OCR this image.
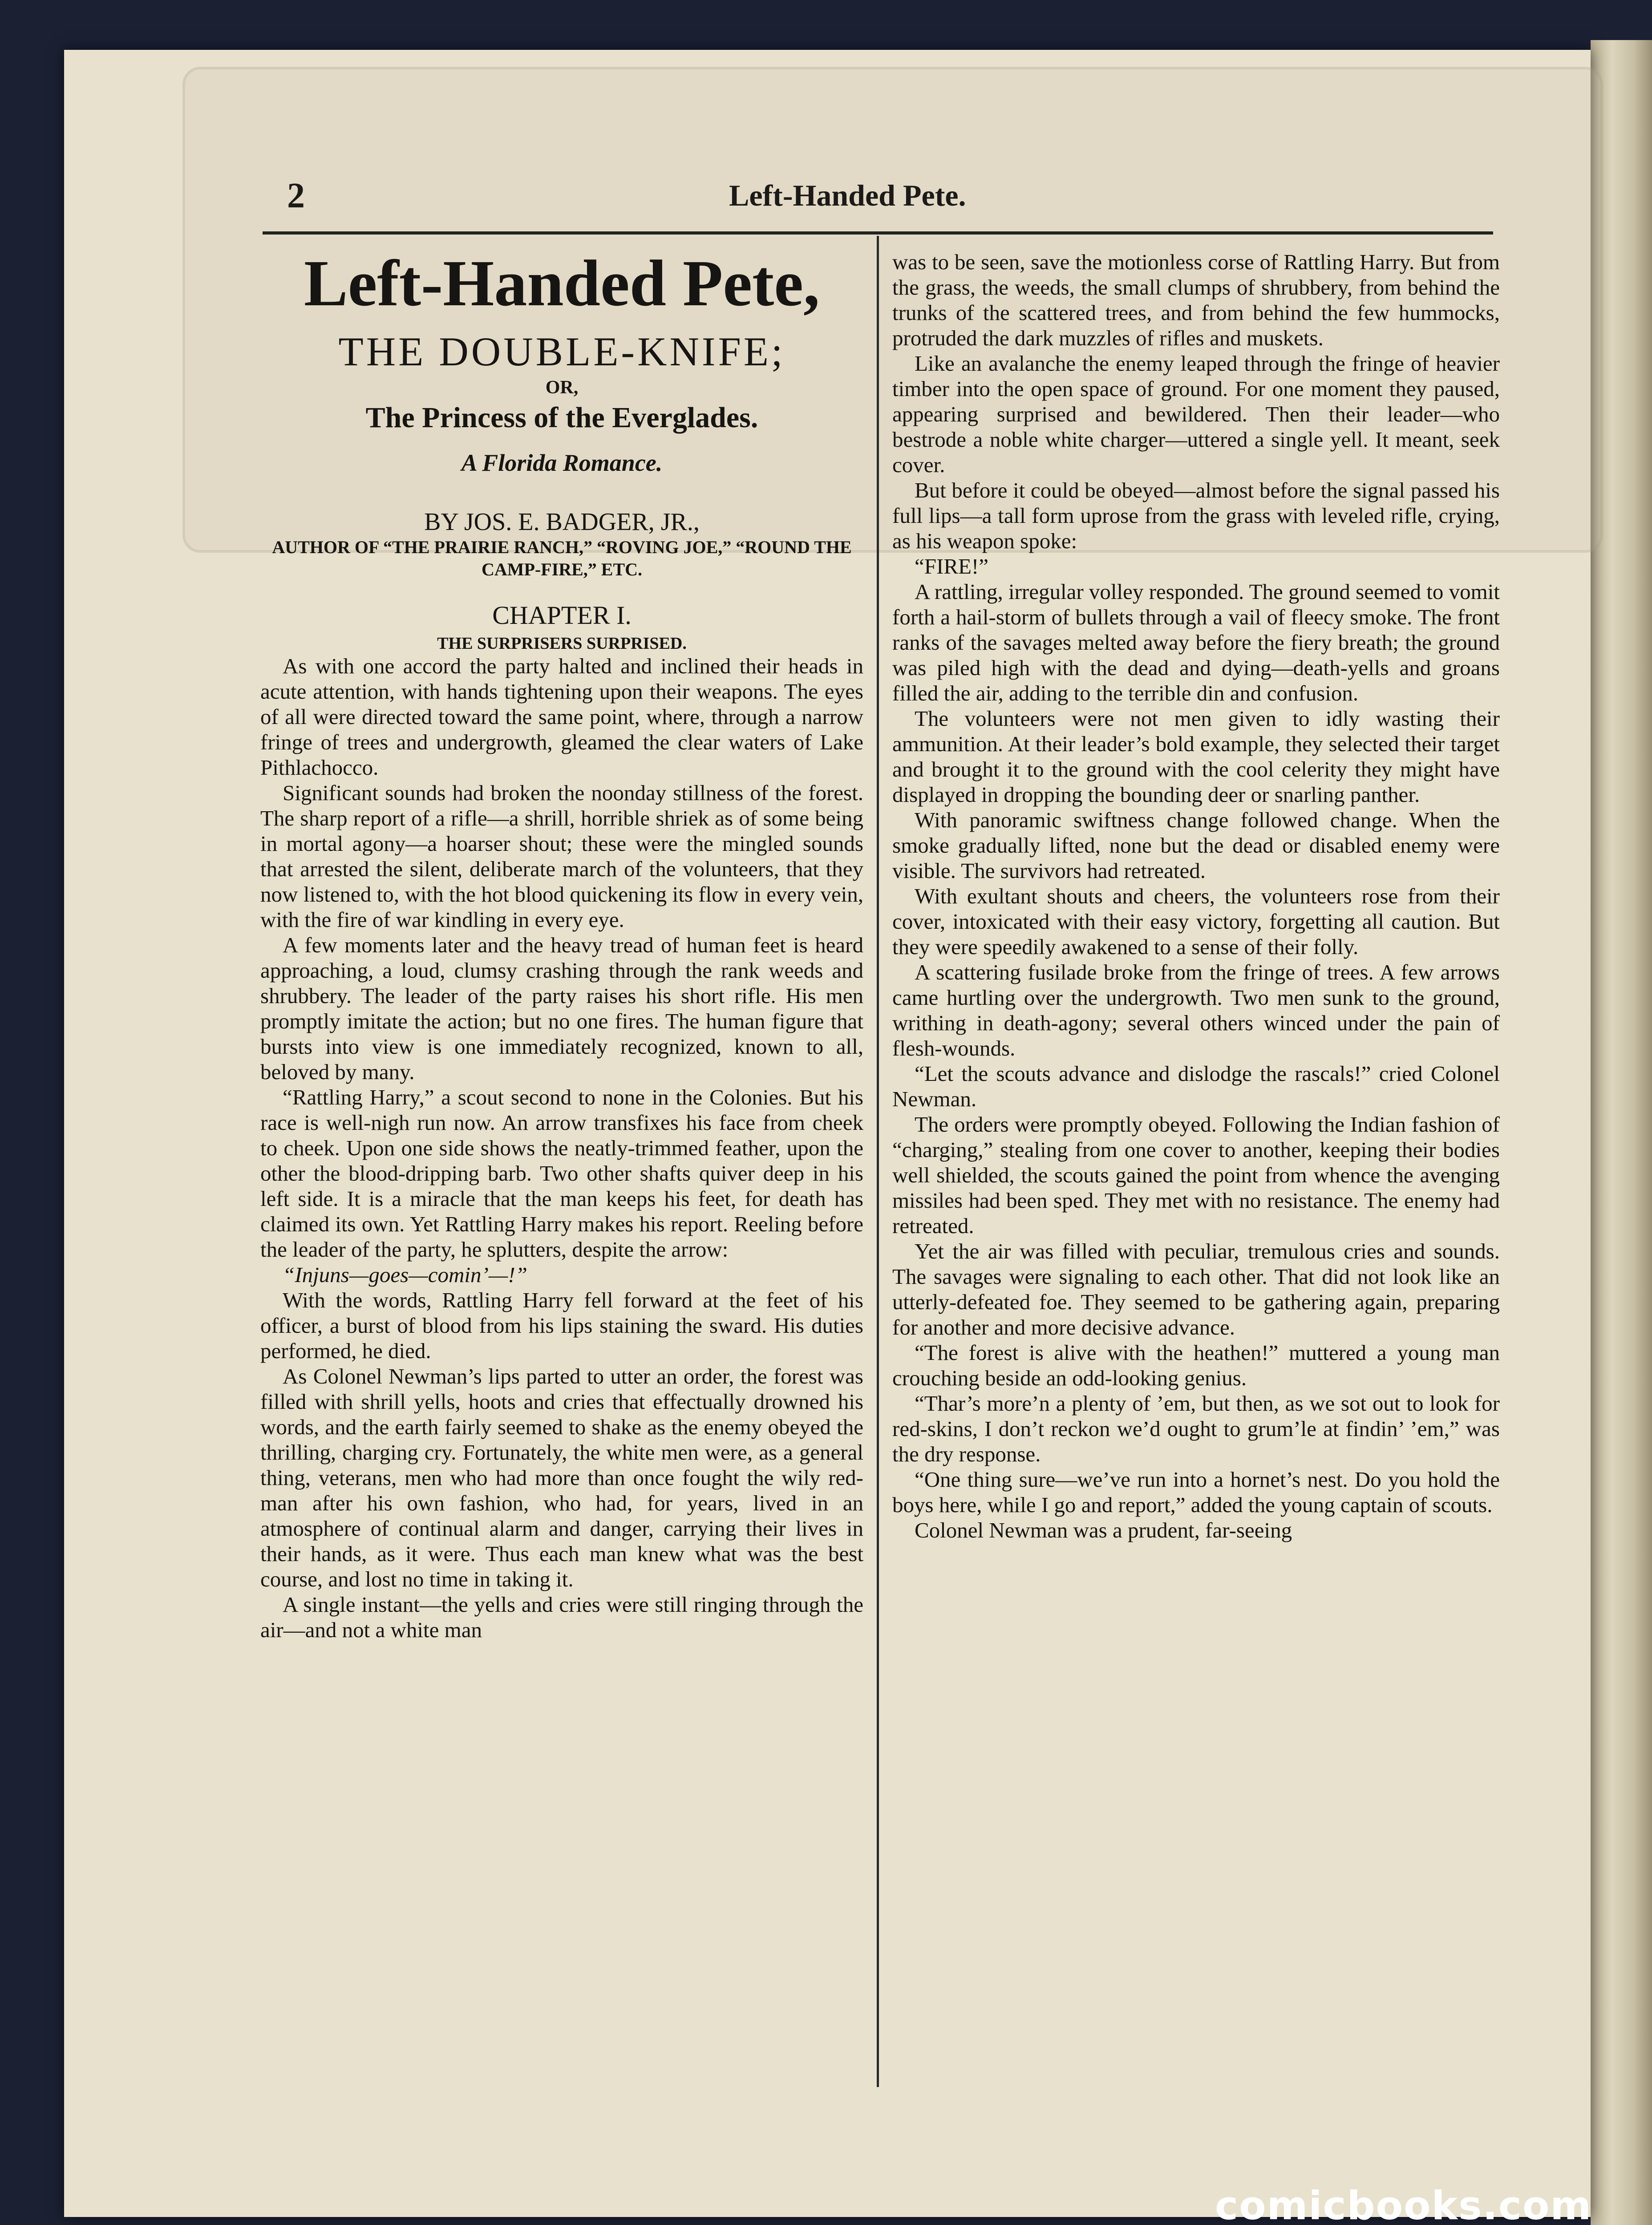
2	Left-Handed Pete.
Left-Handed Pete,
THE DOUBLE-KNIFE;
OR,
The Princess of the Everglades.
A Florida Romance.
BY JOS. E. BADGER, JR.,
AUTHOR OF “THE PRAIRIE RANCH,” “ROVING JOE,” “ROUND THE CAMP-FIRE,” ETC.
CHAPTER I.
THE SURPRISERS SURPRISED.

As with one accord the party halted and inclined their heads in acute attention, with hands tightening upon their weapons. The eyes of all were directed toward the same point, where, through a narrow fringe of trees and undergrowth, gleamed the clear waters of Lake Pithlachocco.

Significant sounds had broken the noonday stillness of the forest. The sharp report of a rifle—a shrill, horrible shriek as of some being in mortal agony—a hoarser shout; these were the mingled sounds that arrested the silent, deliberate march of the volunteers, that they now listened to, with the hot blood quickening its flow in every vein, with the fire of war kindling in every eye.

A few moments later and the heavy tread of human feet is heard approaching, a loud, clumsy crashing through the rank weeds and shrubbery. The leader of the party raises his short rifle. His men promptly imitate the action; but no one fires. The human figure that bursts into view is one immediately recognized, known to all, beloved by many.

“Rattling Harry,” a scout second to none in the Colonies. But his race is well-nigh run now. An arrow transfixes his face from cheek to cheek. Upon one side shows the neatly-trimmed feather, upon the other the blood-dripping barb. Two other shafts quiver deep in his left side. It is a miracle that the man keeps his feet, for death has claimed its own. Yet Rattling Harry makes his report. Reeling before the leader of the party, he splutters, despite the arrow:

“Injuns—goes—comin’—!”

With the words, Rattling Harry fell forward at the feet of his officer, a burst of blood from his lips staining the sward. His duties performed, he died.

As Colonel Newman’s lips parted to utter an order, the forest was filled with shrill yells, hoots and cries that effectually drowned his words, and the earth fairly seemed to shake as the enemy obeyed the thrilling, charging cry. Fortunately, the white men were, as a general thing, veterans, men who had more than once fought the wily red-man after his own fashion, who had, for years, lived in an atmosphere of continual alarm and danger, carrying their lives in their hands, as it were. Thus each man knew what was the best course, and lost no time in taking it.

A single instant—the yells and cries were still ringing through the air—and not a white man

was to be seen, save the motionless corse of Rattling Harry. But from the grass, the weeds, the small clumps of shrubbery, from behind the trunks of the scattered trees, and from behind the few hummocks, protruded the dark muzzles of rifles and muskets.

Like an avalanche the enemy leaped through the fringe of heavier timber into the open space of ground. For one moment they paused, appearing surprised and bewildered. Then their leader—who bestrode a noble white charger—uttered a single yell. It meant, seek cover.

But before it could be obeyed—almost before the signal passed his full lips—a tall form uprose from the grass with leveled rifle, crying, as his weapon spoke:

“FIRE!”

A rattling, irregular volley responded. The ground seemed to vomit forth a hail-storm of bullets through a vail of fleecy smoke. The front ranks of the savages melted away before the fiery breath; the ground was piled high with the dead and dying—death-yells and groans filled the air, adding to the terrible din and confusion.

The volunteers were not men given to idly wasting their ammunition. At their leader’s bold example, they selected their target and brought it to the ground with the cool celerity they might have displayed in dropping the bounding deer or snarling panther.

With panoramic swiftness change followed change. When the smoke gradually lifted, none but the dead or disabled enemy were visible. The survivors had retreated.

With exultant shouts and cheers, the volunteers rose from their cover, intoxicated with their easy victory, forgetting all caution. But they were speedily awakened to a sense of their folly.

A scattering fusilade broke from the fringe of trees. A few arrows came hurtling over the undergrowth. Two men sunk to the ground, writhing in death-agony; several others winced under the pain of flesh-wounds.

“Let the scouts advance and dislodge the rascals!” cried Colonel Newman.

The orders were promptly obeyed. Following the Indian fashion of “charging,” stealing from one cover to another, keeping their bodies well shielded, the scouts gained the point from whence the avenging missiles had been sped. They met with no resistance. The enemy had retreated.

Yet the air was filled with peculiar, tremulous cries and sounds. The savages were signaling to each other. That did not look like an utterly-defeated foe. They seemed to be gathering again, preparing for another and more decisive advance.

“The forest is alive with the heathen!” muttered a young man crouching beside an odd-looking genius.

“Thar’s more’n a plenty of ’em, but then, as we sot out to look for red-skins, I don’t reckon we’d ought to grum’le at findin’ ’em,” was the dry response.

“One thing sure—we’ve run into a hornet’s nest. Do you hold the boys here, while I go and report,” added the young captain of scouts.

Colonel Newman was a prudent, far-seeing

comicbooks.com
